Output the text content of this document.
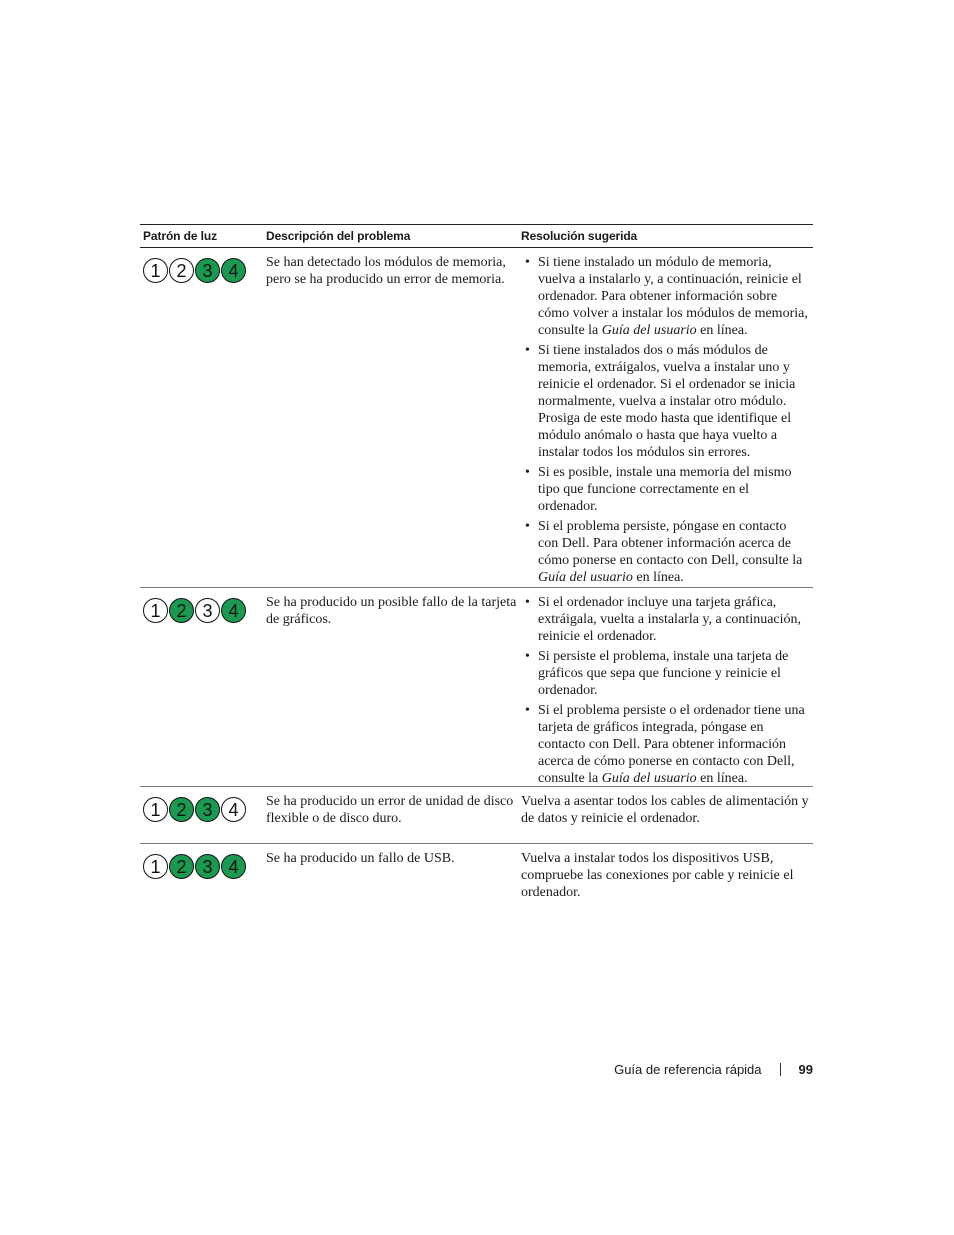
Patrón de luz	Descripción del problema	Resolución sugerida
1 2 3 4	Se han detectado los módulos de memoria, pero se ha producido un error de memoria.
• Si tiene instalado un módulo de memoria, vuelva a instalarlo y, a continuación, reinicie el ordenador. Para obtener información sobre cómo volver a instalar los módulos de memoria, consulte la Guía del usuario en línea.
• Si tiene instalados dos o más módulos de memoria, extráigalos, vuelva a instalar uno y reinicie el ordenador. Si el ordenador se inicia normalmente, vuelva a instalar otro módulo. Prosiga de este modo hasta que identifique el módulo anómalo o hasta que haya vuelto a instalar todos los módulos sin errores.
• Si es posible, instale una memoria del mismo tipo que funcione correctamente en el ordenador.
• Si el problema persiste, póngase en contacto con Dell. Para obtener información acerca de cómo ponerse en contacto con Dell, consulte la Guía del usuario en línea.
1 2 3 4	Se ha producido un posible fallo de la tarjeta de gráficos.
• Si el ordenador incluye una tarjeta gráfica, extráigala, vuelta a instalarla y, a continuación, reinicie el ordenador.
• Si persiste el problema, instale una tarjeta de gráficos que sepa que funcione y reinicie el ordenador.
• Si el problema persiste o el ordenador tiene una tarjeta de gráficos integrada, póngase en contacto con Dell. Para obtener información acerca de cómo ponerse en contacto con Dell, consulte la Guía del usuario en línea.
1 2 3 4	Se ha producido un error de unidad de disco flexible o de disco duro.
Vuelva a asentar todos los cables de alimentación y de datos y reinicie el ordenador.
1 2 3 4	Se ha producido un fallo de USB.	Vuelva a instalar todos los dispositivos USB, compruebe las conexiones por cable y reinicie el ordenador.
Guía de referencia rápida	99
